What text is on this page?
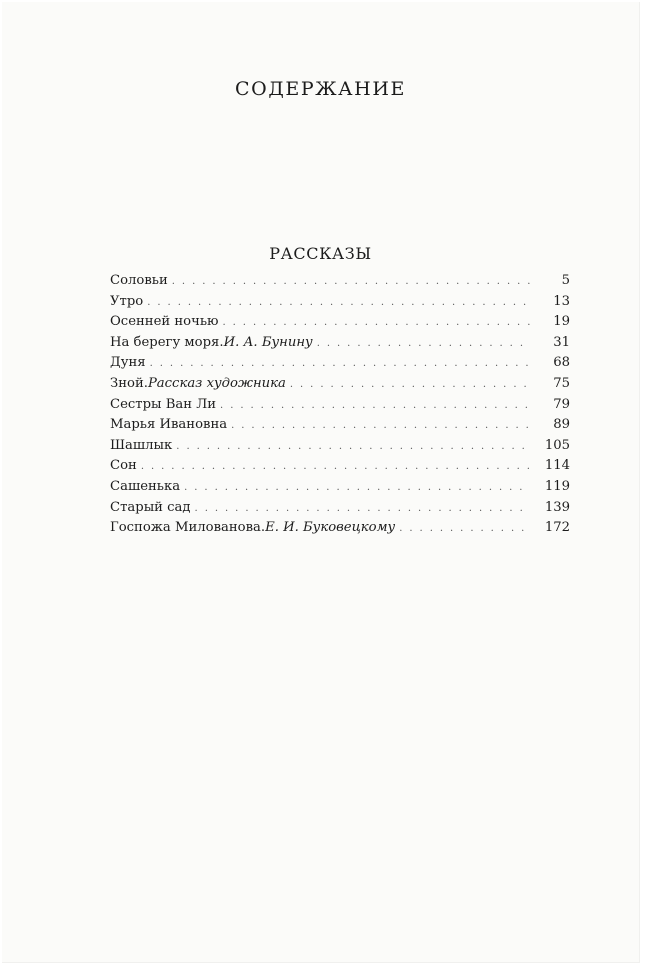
СОДЕРЖАНИЕ
РАССКАЗЫ
Соловьи . . .	5
Утро . . .	13
Осенней ночью . . .	19
На берегу моря. И. А. Бунину . . .	31
Дуня . . .	68
Зной. Рассказ художника . . .	75
Сестры Ван Ли . . .	79
Марья Ивановна . . .	89
Шашлык . . .	105
Сон . . .	114
Сашенька . . .	119
Старый сад . . .	139
Госпожа Милованова. Е. И. Буковецкому . . .	172
